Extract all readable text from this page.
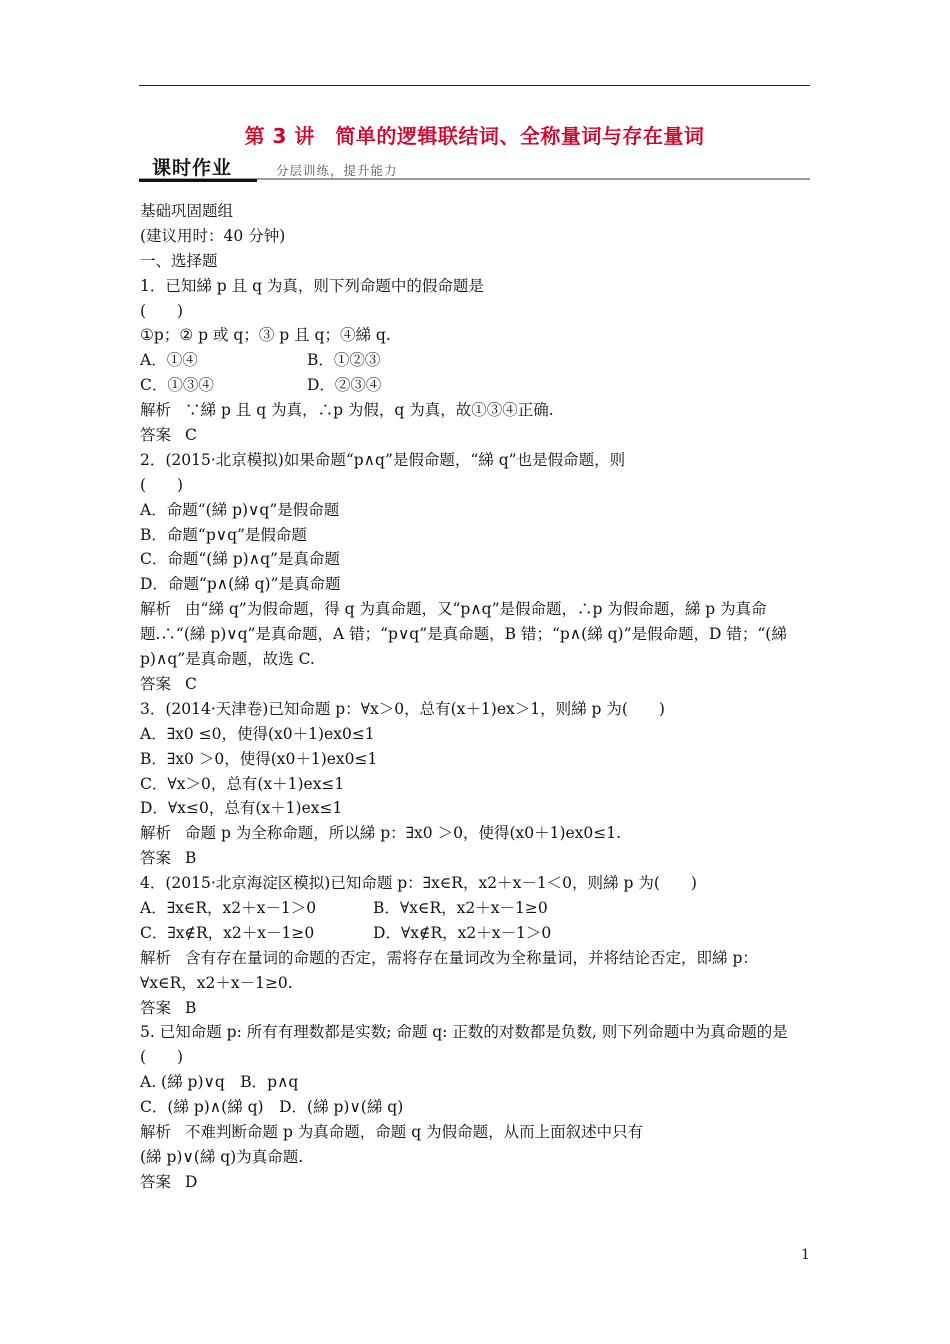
第 3 讲　简单的逻辑联结词、全称量词与存在量词
课时作业	分层训练，提升能力
基础巩固题组
(建议用时：40 分钟)
一、选择题
1．已知綈 p 且 q 为真，则下列命题中的假命题是
(　　)
①p；② p 或 q；③ p 且 q；④綈 q.
A．①④	B．①②③
C．①③④	D．②③④
解析 ∵綈 p 且 q 为真，∴p 为假，q 为真，故①③④正确.
答案 C
2．(2015·北京模拟)如果命题“p∧q”是假命题，“綈 q”也是假命题，则
(　　)
A．命题“(綈 p)∨q”是假命题
B．命题“p∨q”是假命题
C．命题“(綈 p)∧q”是真命题
D．命题“p∧(綈 q)”是真命题
解析 由“綈 q”为假命题，得 q 为真命题，又“p∧q”是假命题，∴p 为假命题，綈 p 为真命题.∴“(綈 p)∨q”是真命题，A 错；“p∨q”是真命题，B 错；“p∧(綈 q)”是假命题，D 错；“(綈 p)∧q”是真命题，故选 C.
答案 C
3．(2014·天津卷)已知命题 p：∀x＞0，总有(x＋1)ex＞1，则綈 p 为(　　)
A．∃x0 ≤0，使得(x0＋1)ex0≤1
B．∃x0 ＞0，使得(x0＋1)ex0≤1
C．∀x＞0，总有(x＋1)ex≤1
D．∀x≤0，总有(x＋1)ex≤1
解析 命题 p 为全称命题，所以綈 p：∃x0 ＞0，使得(x0＋1)ex0≤1.
答案 B
4．(2015·北京海淀区模拟)已知命题 p：∃x∈R，x2＋x－1＜0，则綈 p 为(　　)
A．∃x∈R，x2＋x－1＞0	B．∀x∈R，x2＋x－1≥0
C．∃x∉R，x2＋x－1≥0	D．∀x∉R，x2＋x－1＞0
解析 含有存在量词的命题的否定，需将存在量词改为全称量词，并将结论否定，即綈 p：∀x∈R，x2＋x－1≥0.
答案 B
5. 已知命题 p: 所有有理数都是实数; 命题 q: 正数的对数都是负数, 则下列命题中为真命题的是
(　　)
A. (綈 p)∨q　B．p∧q
C．(綈 p)∧(綈 q)　D．(綈 p)∨(綈 q)
解析 不难判断命题 p 为真命题，命题 q 为假命题，从而上面叙述中只有
(綈 p)∨(綈 q)为真命题.
答案 D
1
